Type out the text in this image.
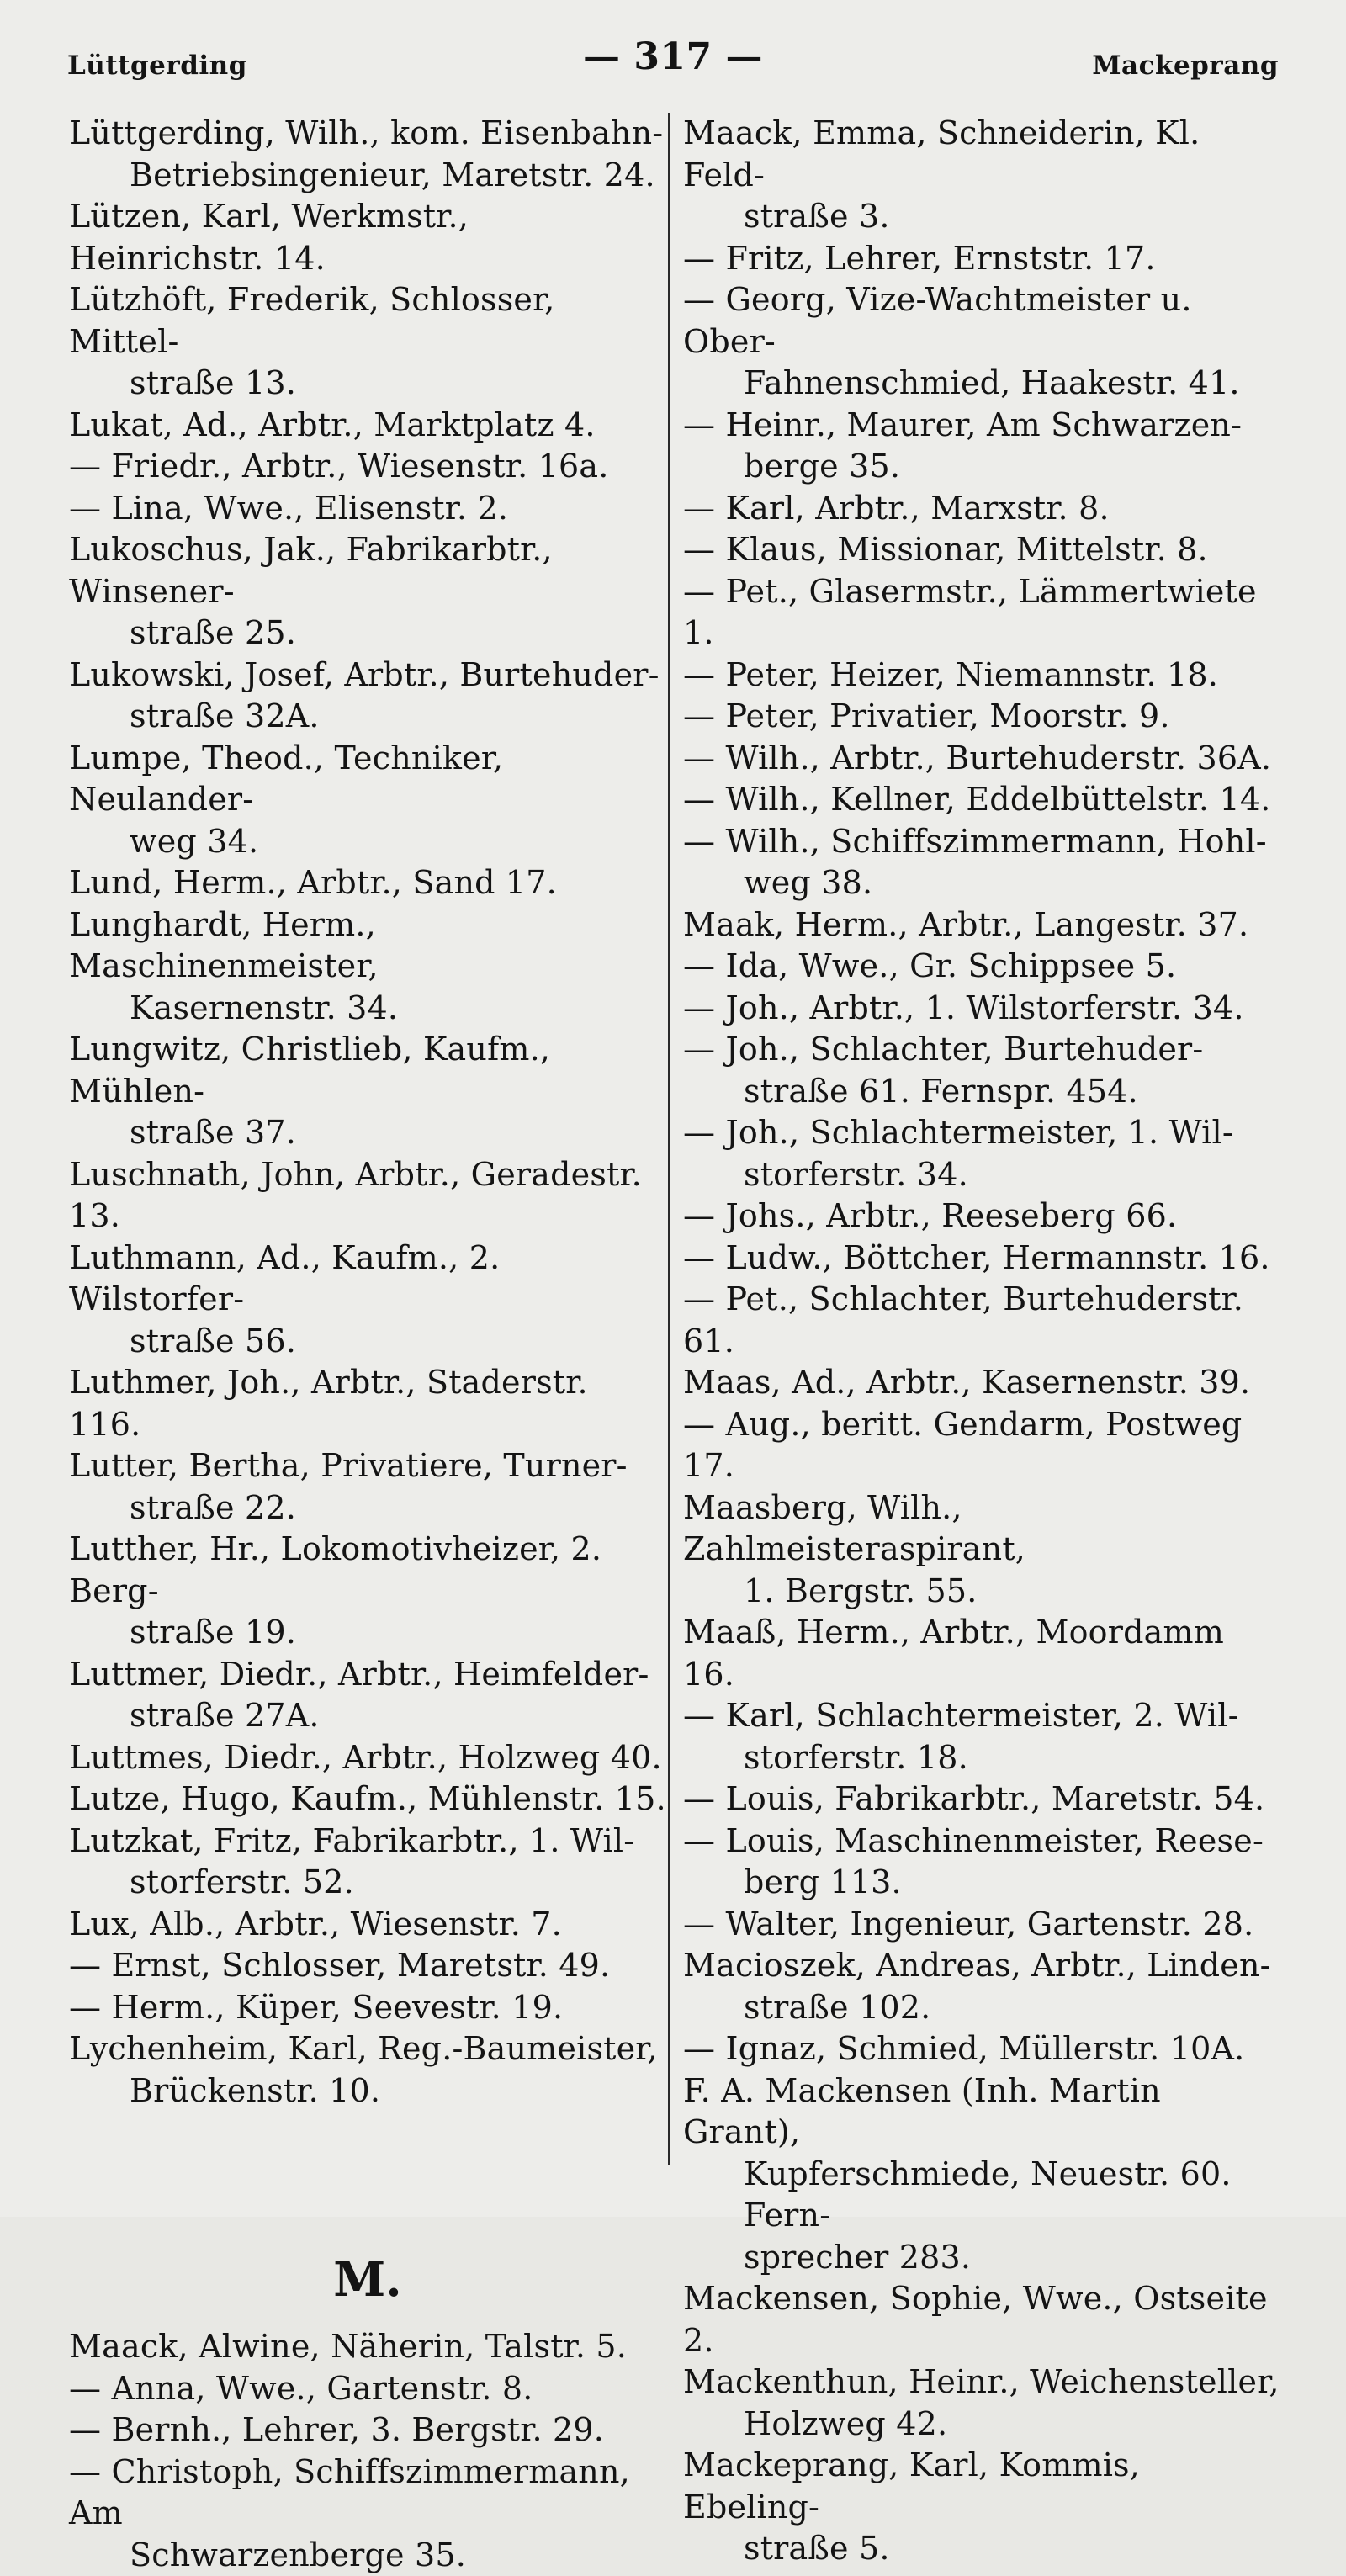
Lüttgerding	— 317 —	Mackeprang
Lüttgerding, Wilh., kom. Eisenbahn-
Betriebsingenieur, Maretstr. 24.
Lützen, Karl, Werkmstr., Heinrichstr. 14.
Lützhöft, Frederik, Schlosser, Mittel-
straße 13.
Lukat, Ad., Arbtr., Marktplatz 4.
— Friedr., Arbtr., Wiesenstr. 16a.
— Lina, Wwe., Elisenstr. 2.
Lukoschus, Jak., Fabrikarbtr., Winsener-
straße 25.
Lukowski, Josef, Arbtr., Burtehuder-
straße 32A.
Lumpe, Theod., Techniker, Neulander-
weg 34.
Lund, Herm., Arbtr., Sand 17.
Lunghardt, Herm., Maschinenmeister,
Kasernenstr. 34.
Lungwitz, Christlieb, Kaufm., Mühlen-
straße 37.
Luschnath, John, Arbtr., Geradestr. 13.
Luthmann, Ad., Kaufm., 2. Wilstorfer-
straße 56.
Luthmer, Joh., Arbtr., Staderstr. 116.
Lutter, Bertha, Privatiere, Turner-
straße 22.
Lutther, Hr., Lokomotivheizer, 2. Berg-
straße 19.
Luttmer, Diedr., Arbtr., Heimfelder-
straße 27A.
Luttmes, Diedr., Arbtr., Holzweg 40.
Lutze, Hugo, Kaufm., Mühlenstr. 15.
Lutzkat, Fritz, Fabrikarbtr., 1. Wil-
storferstr. 52.
Lux, Alb., Arbtr., Wiesenstr. 7.
— Ernst, Schlosser, Maretstr. 49.
— Herm., Küper, Seevestr. 19.
Lychenheim, Karl, Reg.-Baumeister,
Brückenstr. 10.
M.
Maack, Alwine, Näherin, Talstr. 5.
— Anna, Wwe., Gartenstr. 8.
— Bernh., Lehrer, 3. Bergstr. 29.
— Christoph, Schiffszimmermann, Am
Schwarzenberge 35.
Maack, Emma, Schneiderin, Kl. Feld-
straße 3.
— Fritz, Lehrer, Ernststr. 17.
— Georg, Vize-Wachtmeister u. Ober-
Fahnenschmied, Haakestr. 41.
— Heinr., Maurer, Am Schwarzen-
berge 35.
— Karl, Arbtr., Marxstr. 8.
— Klaus, Missionar, Mittelstr. 8.
— Pet., Glasermstr., Lämmertwiete 1.
— Peter, Heizer, Niemannstr. 18.
— Peter, Privatier, Moorstr. 9.
— Wilh., Arbtr., Burtehuderstr. 36A.
— Wilh., Kellner, Eddelbüttelstr. 14.
— Wilh., Schiffszimmermann, Hohl-
weg 38.
Maak, Herm., Arbtr., Langestr. 37.
— Ida, Wwe., Gr. Schippsee 5.
— Joh., Arbtr., 1. Wilstorferstr. 34.
— Joh., Schlachter, Burtehuder-
straße 61. Fernspr. 454.
— Joh., Schlachtermeister, 1. Wil-
storferstr. 34.
— Johs., Arbtr., Reeseberg 66.
— Ludw., Böttcher, Hermannstr. 16.
— Pet., Schlachter, Burtehuderstr. 61.
Maas, Ad., Arbtr., Kasernenstr. 39.
— Aug., beritt. Gendarm, Postweg 17.
Maasberg, Wilh., Zahlmeisteraspirant,
1. Bergstr. 55.
Maaß, Herm., Arbtr., Moordamm 16.
— Karl, Schlachtermeister, 2. Wil-
storferstr. 18.
— Louis, Fabrikarbtr., Maretstr. 54.
— Louis, Maschinenmeister, Reese-
berg 113.
— Walter, Ingenieur, Gartenstr. 28.
Macioszek, Andreas, Arbtr., Linden-
straße 102.
— Ignaz, Schmied, Müllerstr. 10A.
F. A. Mackensen (Inh. Martin Grant),
Kupferschmiede, Neuestr. 60. Fern-
sprecher 283.
Mackensen, Sophie, Wwe., Ostseite 2.
Mackenthun, Heinr., Weichensteller,
Holzweg 42.
Mackeprang, Karl, Kommis, Ebeling-
straße 5.
